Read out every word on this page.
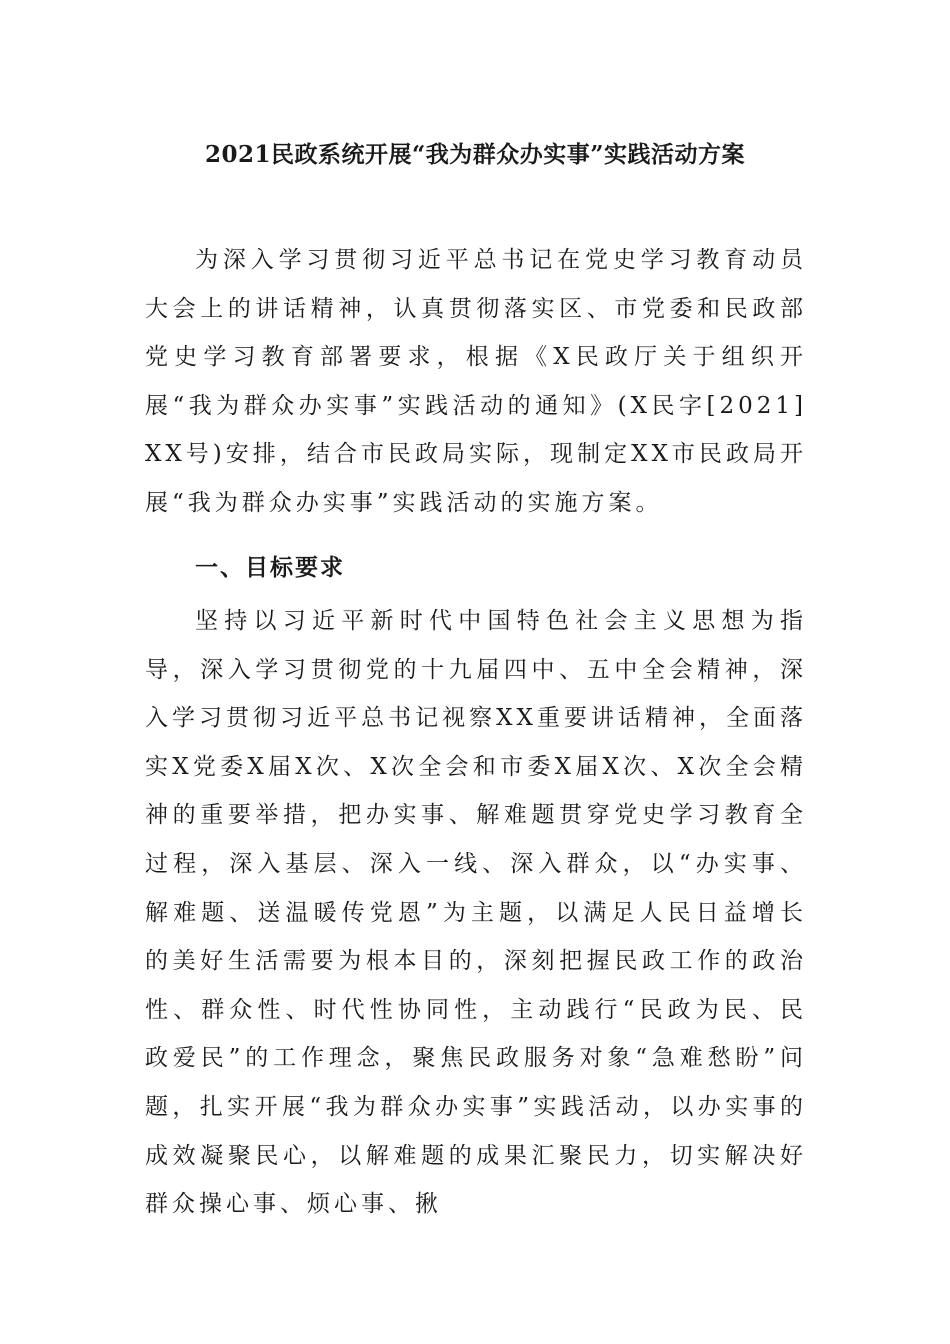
2021民政系统开展“我为群众办实事”实践活动方案

为深入学习贯彻习近平总书记在党史学习教育动员大会上的讲话精神，认真贯彻落实区、市党委和民政部党史学习教育部署要求，根据《X民政厅关于组织开展“我为群众办实事”实践活动的通知》(X民字[2021]XX号)安排，结合市民政局实际，现制定XX市民政局开展“我为群众办实事”实践活动的实施方案。

一、目标要求

坚持以习近平新时代中国特色社会主义思想为指导，深入学习贯彻党的十九届四中、五中全会精神，深入学习贯彻习近平总书记视察XX重要讲话精神，全面落实X党委X届X次、X次全会和市委X届X次、X次全会精神的重要举措，把办实事、解难题贯穿党史学习教育全过程，深入基层、深入一线、深入群众，以“办实事、解难题、送温暖传党恩”为主题，以满足人民日益增长的美好生活需要为根本目的，深刻把握民政工作的政治性、群众性、时代性协同性，主动践行“民政为民、民政爱民”的工作理念，聚焦民政服务对象“急难愁盼”问题，扎实开展“我为群众办实事”实践活动，以办实事的成效凝聚民心，以解难题的成果汇聚民力，切实解决好群众操心事、烦心事、揪
